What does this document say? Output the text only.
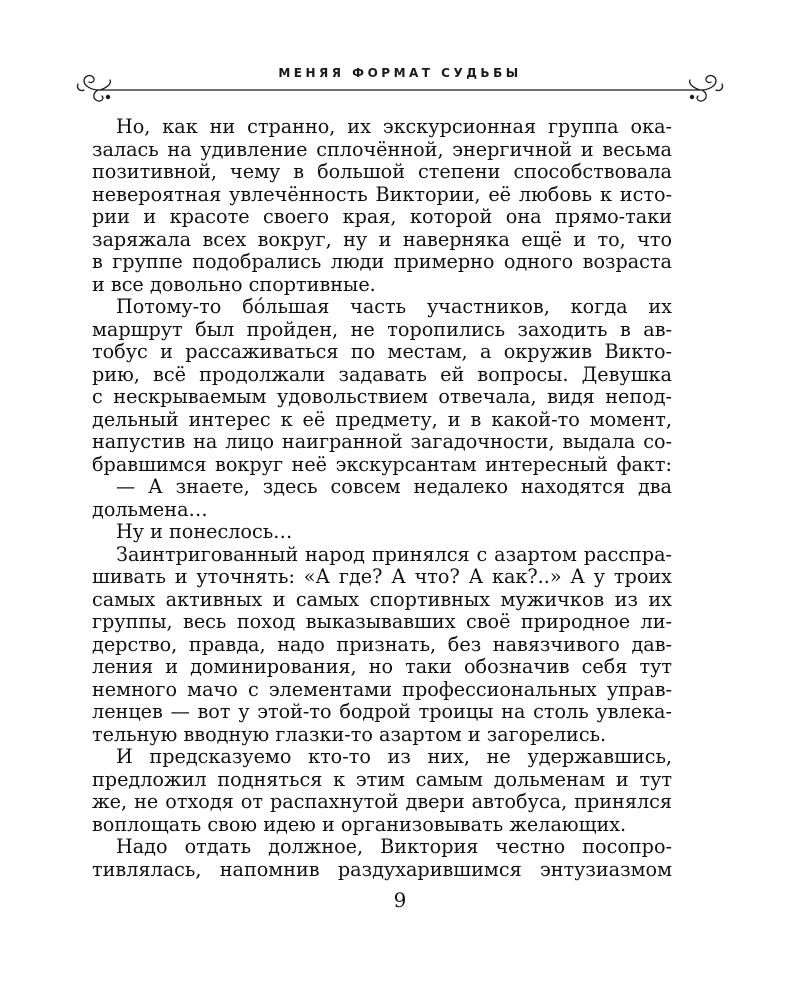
МЕНЯЯ ФОРМАТ СУДЬБЫ
Но, как ни странно, их экскурсионная группа ока-
залась на удивление сплочённой, энергичной и весьма
позитивной, чему в большой степени способствовала
невероятная увлечённость Виктории, её любовь к исто-
рии и красоте своего края, которой она прямо-таки
заряжала всех вокруг, ну и наверняка ещё и то, что
в группе подобрались люди примерно одного возраста
и все довольно спортивные.
Потому-то бóльшая часть участников, когда их
маршрут был пройден, не торопились заходить в ав-
тобус и рассаживаться по местам, а окружив Викто-
рию, всё продолжали задавать ей вопросы. Девушка
с нескрываемым удовольствием отвечала, видя непод-
дельный интерес к её предмету, и в какой-то момент,
напустив на лицо наигранной загадочности, выдала со-
бравшимся вокруг неё экскурсантам интересный факт:
— А знаете, здесь совсем недалеко находятся два
дольмена…
Ну и понеслось…
Заинтригованный народ принялся с азартом расспра-
шивать и уточнять: «А где? А что? А как?..» А у троих
самых активных и самых спортивных мужичков из их
группы, весь поход выказывавших своё природное ли-
дерство, правда, надо признать, без навязчивого дав-
ления и доминирования, но таки обозначив себя тут
немного мачо с элементами профессиональных управ-
ленцев — вот у этой-то бодрой троицы на столь увлека-
тельную вводную глазки-то азартом и загорелись.
И предсказуемо кто-то из них, не удержавшись,
предложил подняться к этим самым дольменам и тут
же, не отходя от распахнутой двери автобуса, принялся
воплощать свою идею и организовывать желающих.
Надо отдать должное, Виктория честно посопро-
тивлялась, напомнив раздухарившимся энтузиазмом
9
